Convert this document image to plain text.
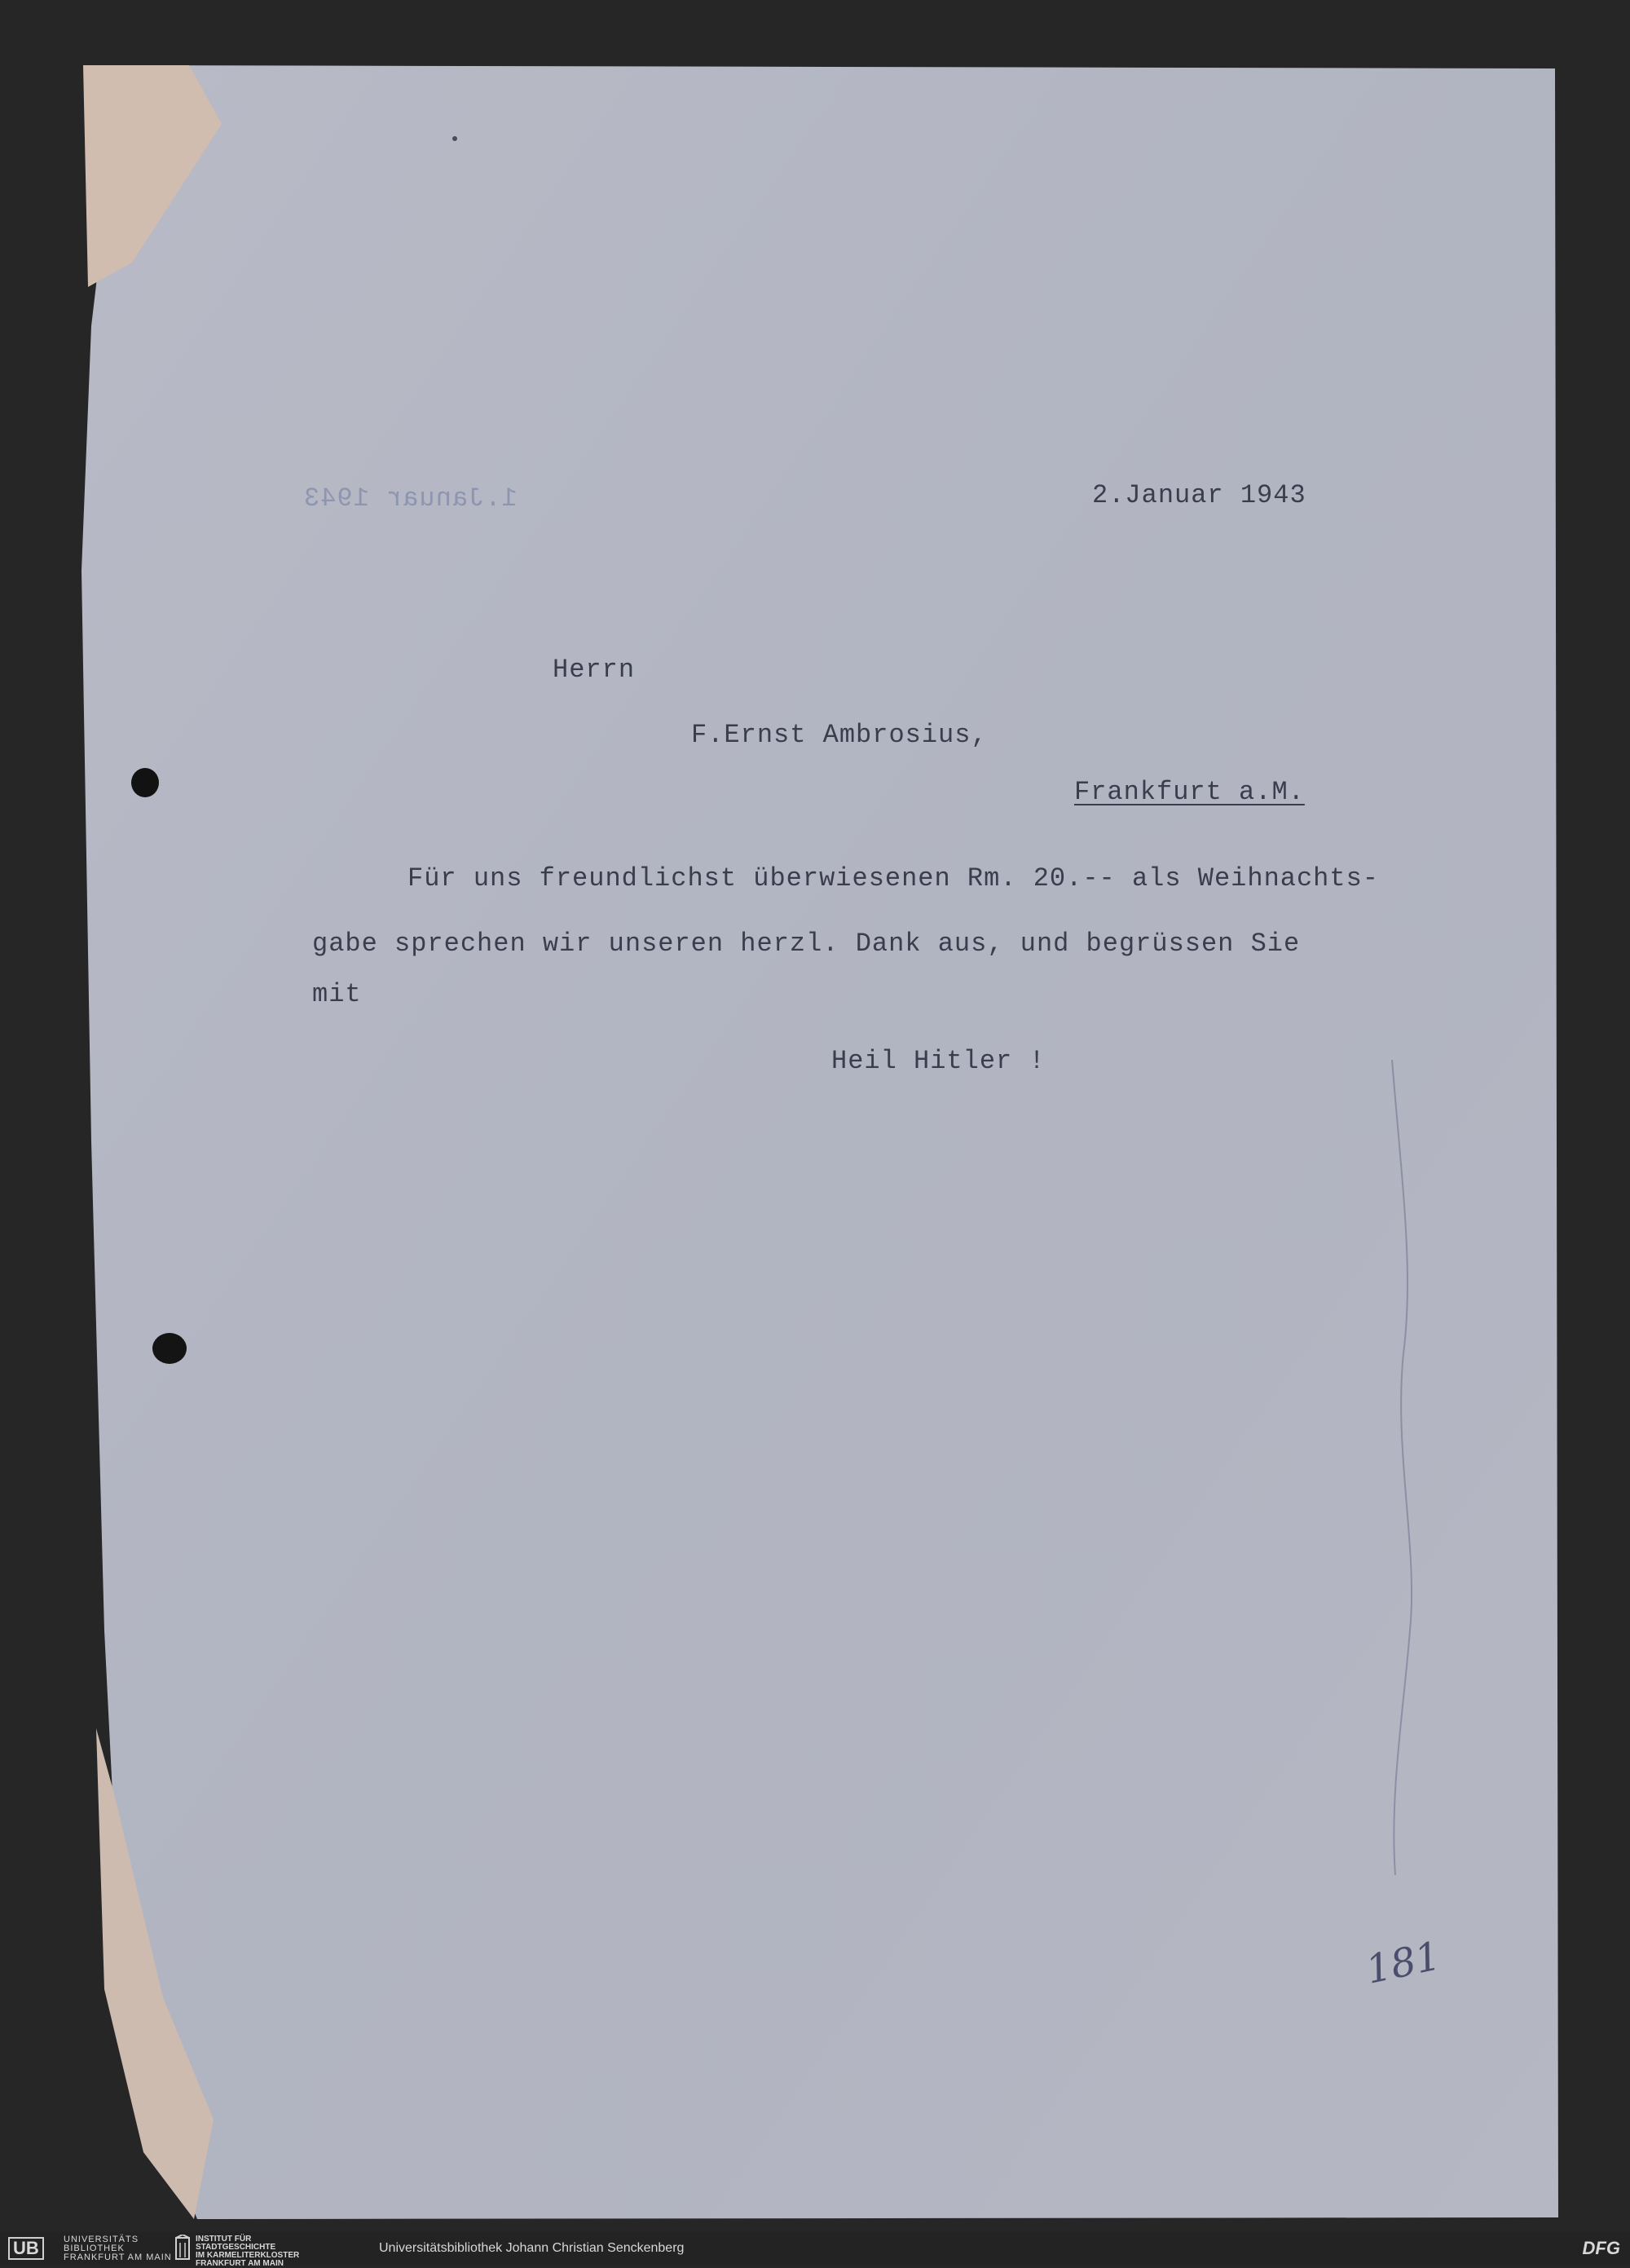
1.Januar 1943	2.Januar 1943
Herrn
F.Ernst Ambrosius,
Frankfurt a.M.
Für uns freundlichst überwiesenen Rm. 20.-- als Weihnachts-
gabe sprechen wir unseren herzl. Dank aus, und begrüssen Sie
mit
Heil Hitler !
181
UB	UNIVERSITÄTS
BIBLIOTHEK
FRANKFURT AM MAIN
INSTITUT FÜR
STADTGESCHICHTE
IM KARMELITERKLOSTER
FRANKFURT AM MAIN
Universitätsbibliothek Johann Christian Senckenberg	DFG
